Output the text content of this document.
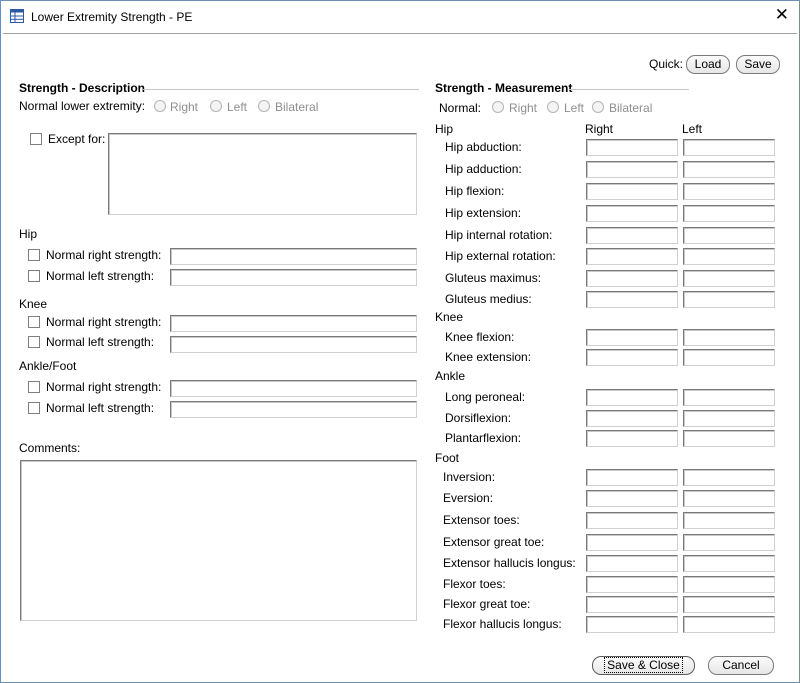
Lower Extremity Strength - PE	✕
Quick: Load	Save
Strength - Description
Normal lower extremity: Right Left Bilateral
Except for:
Hip
Normal right strength:
Normal left strength:
Knee
Normal right strength:
Normal left strength:
Ankle/Foot
Normal right strength:
Normal left strength:
Comments:
Strength - Measurement
Normal: Right Left Bilateral
Right	Left
Hip
Hip abduction:
Hip adduction:
Hip flexion:
Hip extension:
Hip internal rotation:
Hip external rotation:
Gluteus maximus:
Gluteus medius:
Knee
Knee flexion:
Knee extension:
Ankle
Long peroneal:
Dorsiflexion:
Plantarflexion:
Foot
Inversion:
Eversion:
Extensor toes:
Extensor great toe:
Extensor hallucis longus:
Flexor toes:
Flexor great toe:
Flexor hallucis longus:
Save & Close	Cancel
